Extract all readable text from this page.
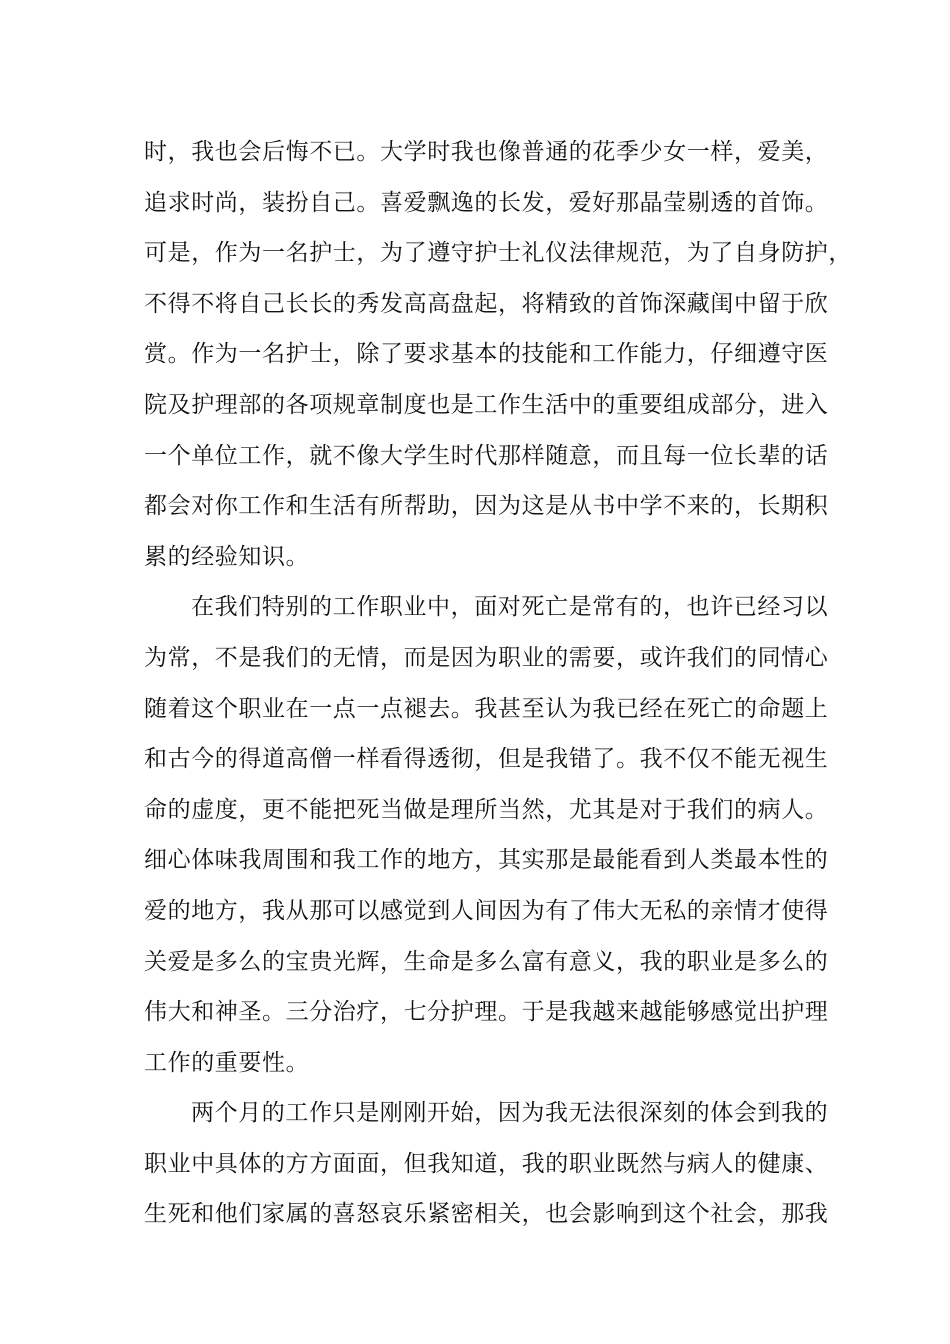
时，我也会后悔不已。大学时我也像普通的花季少女一样，爱美，
追求时尚，装扮自己。喜爱飘逸的长发，爱好那晶莹剔透的首饰。
可是，作为一名护士，为了遵守护士礼仪法律规范，为了自身防护，
不得不将自己长长的秀发高高盘起，将精致的首饰深藏闺中留于欣
赏。作为一名护士，除了要求基本的技能和工作能力，仔细遵守医
院及护理部的各项规章制度也是工作生活中的重要组成部分，进入
一个单位工作，就不像大学生时代那样随意，而且每一位长辈的话
都会对你工作和生活有所帮助，因为这是从书中学不来的，长期积
累的经验知识。
在我们特别的工作职业中，面对死亡是常有的，也许已经习以
为常，不是我们的无情，而是因为职业的需要，或许我们的同情心
随着这个职业在一点一点褪去。我甚至认为我已经在死亡的命题上
和古今的得道高僧一样看得透彻，但是我错了。我不仅不能无视生
命的虚度，更不能把死当做是理所当然，尤其是对于我们的病人。
细心体味我周围和我工作的地方，其实那是最能看到人类最本性的
爱的地方，我从那可以感觉到人间因为有了伟大无私的亲情才使得
关爱是多么的宝贵光辉，生命是多么富有意义，我的职业是多么的
伟大和神圣。三分治疗，七分护理。于是我越来越能够感觉出护理
工作的重要性。
两个月的工作只是刚刚开始，因为我无法很深刻的体会到我的
职业中具体的方方面面，但我知道，我的职业既然与病人的健康、
生死和他们家属的喜怒哀乐紧密相关，也会影响到这个社会，那我
